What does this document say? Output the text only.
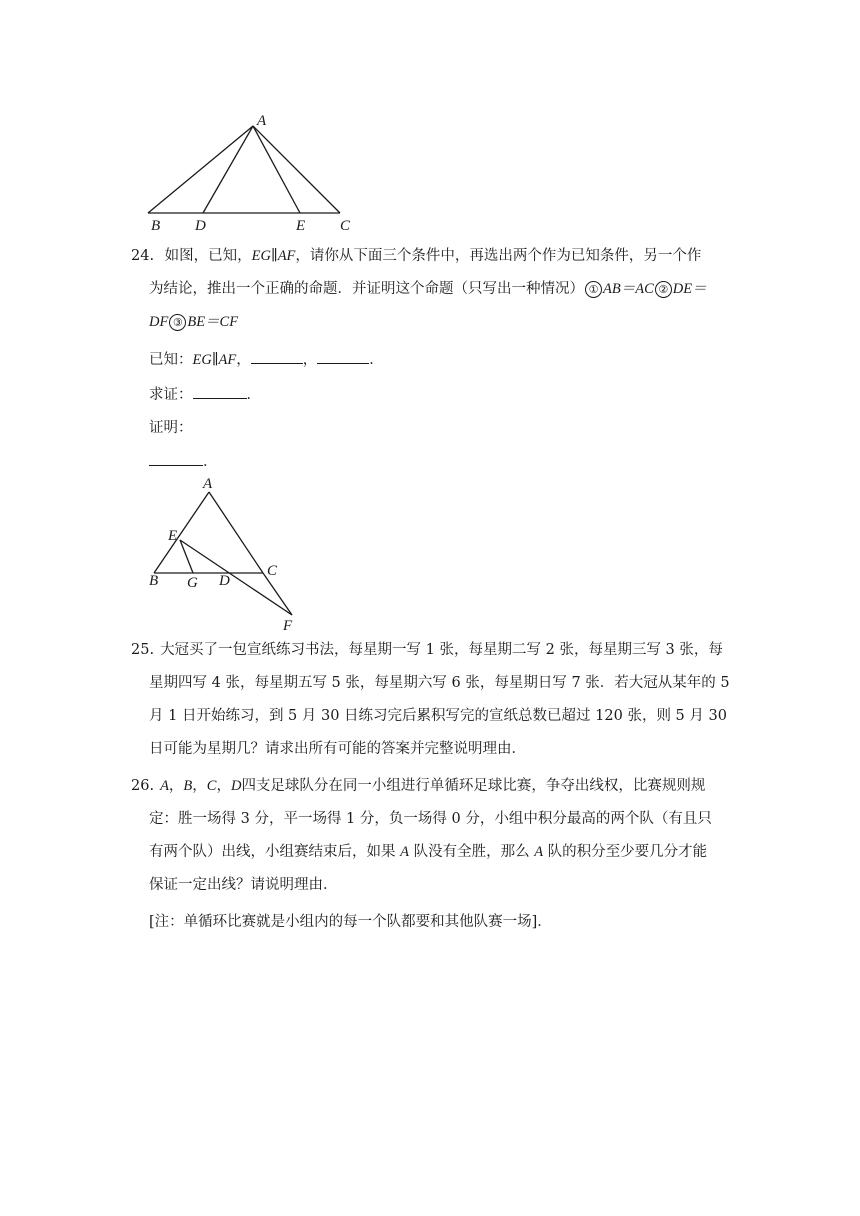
A
B D	E C
24. 如图，已知，EG∥AF，请你从下面三个条件中，再选出两个作为已知条件，另一个作
为结论，推出一个正确的命题．并证明这个命题（只写出一种情况） ① AB＝AC ② DE＝
DF ③ BE＝CF
已知：EG∥AF，	，	．
求证：	．
证明：
．
A
E
B G D
C
F
25. 大冠买了一包宣纸练习书法，每星期一写 1 张，每星期二写 2 张，每星期三写 3 张，每
星期四写 4 张，每星期五写 5 张，每星期六写 6 张，每星期日写 7 张．若大冠从某年的 5
月 1 日开始练习，到 5 月 30 日练习完后累积写完的宣纸总数已超过 120 张，则 5 月 30
日可能为星期几？请求出所有可能的答案并完整说明理由．
26. A，B，C，D四支足球队分在同一小组进行单循环足球比赛，争夺出线权，比赛规则规
定：胜一场得 3 分，平一场得 1 分，负一场得 0 分，小组中积分最高的两个队（有且只
有两个队）出线，小组赛结束后，如果 A 队没有全胜，那么 A 队的积分至少要几分才能
保证一定出线？请说明理由．
[注：单循环比赛就是小组内的每一个队都要和其他队赛一场]．
